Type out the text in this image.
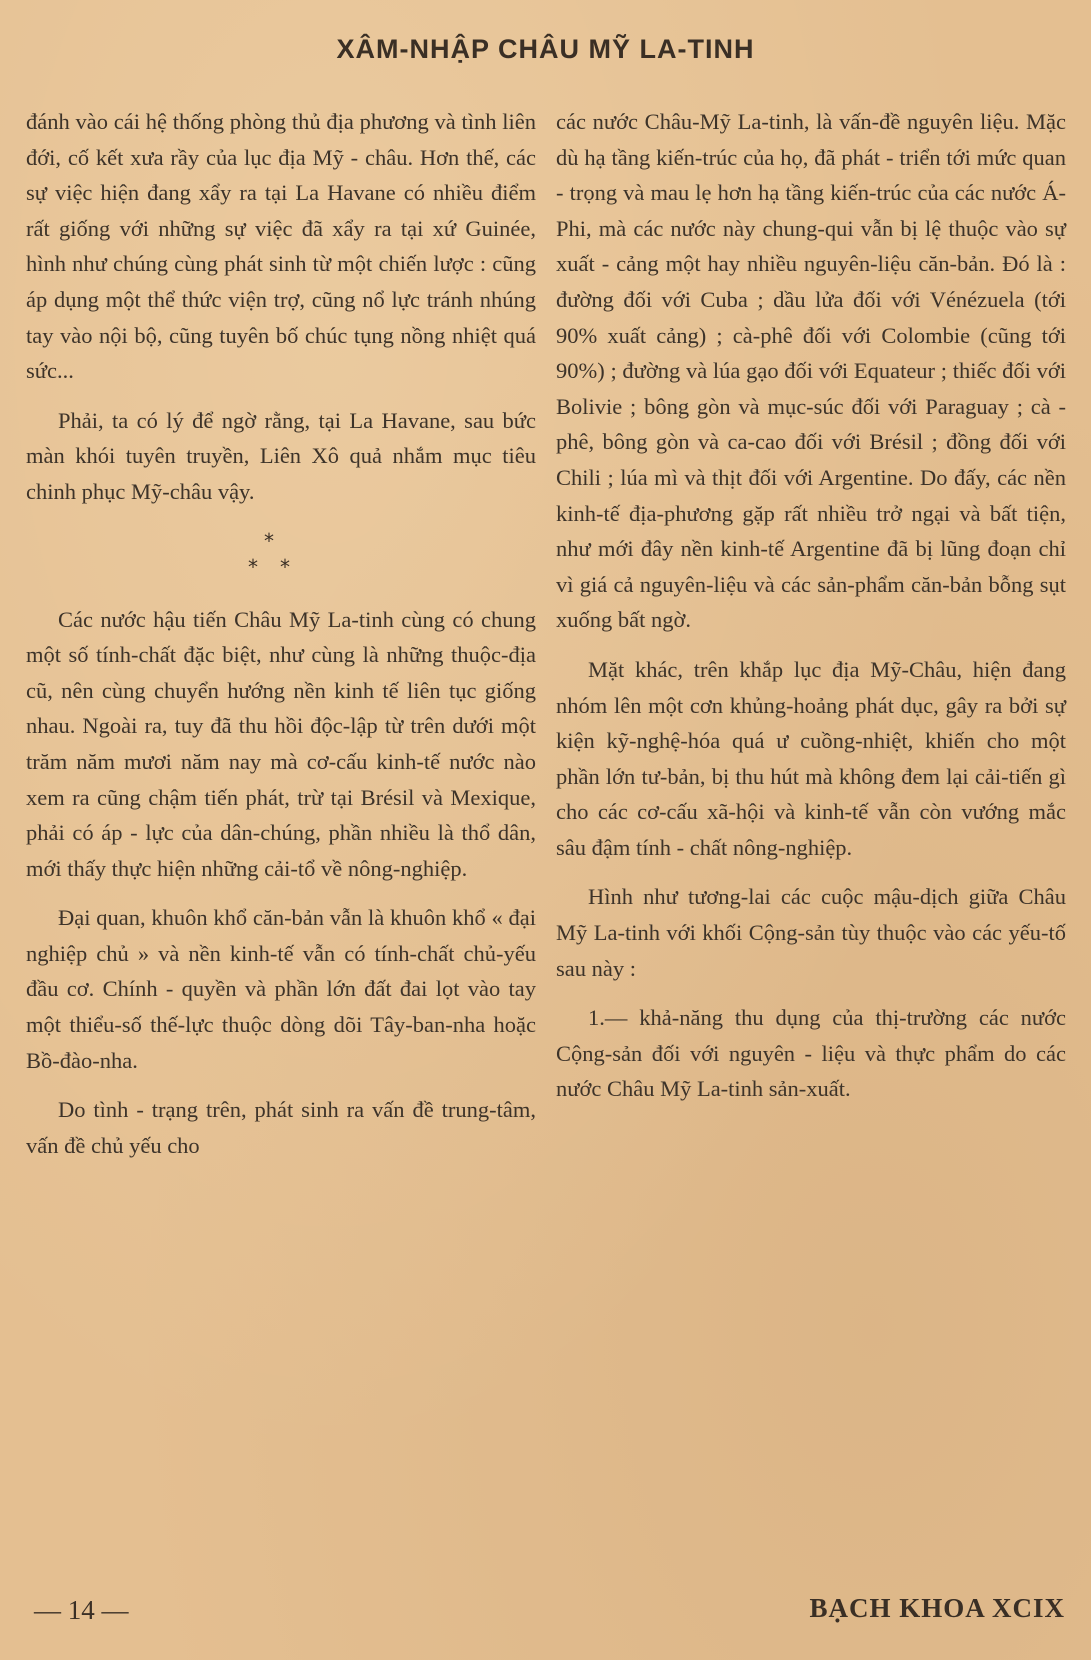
XÂM-NHẬP CHÂU MỸ LA-TINH

đánh vào cái hệ thống phòng thủ địa phương và tình liên đới, cố kết xưa rầy của lục địa Mỹ - châu. Hơn thế, các sự việc hiện đang xẩy ra tại La Havane có nhiều điểm rất giống với những sự việc đã xẩy ra tại xứ Guinée, hình như chúng cùng phát sinh từ một chiến lược : cũng áp dụng một thể thức viện trợ, cũng nổ lực tránh nhúng tay vào nội bộ, cũng tuyên bố chúc tụng nồng nhiệt quá sức...

Phải, ta có lý để ngờ rằng, tại La Havane, sau bức màn khói tuyên truyền, Liên Xô quả nhắm mục tiêu chinh phục Mỹ-châu vậy.

*
* *

Các nước hậu tiến Châu Mỹ La-tinh cùng có chung một số tính-chất đặc biệt, như cùng là những thuộc-địa cũ, nên cùng chuyển hướng nền kinh tế liên tục giống nhau. Ngoài ra, tuy đã thu hồi độc-lập từ trên dưới một trăm năm mươi năm nay mà cơ-cấu kinh-tế nước nào xem ra cũng chậm tiến phát, trừ tại Brésil và Mexique, phải có áp - lực của dân-chúng, phần nhiều là thổ dân, mới thấy thực hiện những cải-tổ về nông-nghiệp.

Đại quan, khuôn khổ căn-bản vẫn là khuôn khổ « đại nghiệp chủ » và nền kinh-tế vẫn có tính-chất chủ-yếu đầu cơ. Chính - quyền và phần lớn đất đai lọt vào tay một thiểu-số thế-lực thuộc dòng dõi Tây-ban-nha hoặc Bồ-đào-nha.

Do tình - trạng trên, phát sinh ra vấn đề trung-tâm, vấn đề chủ yếu cho

các nước Châu-Mỹ La-tinh, là vấn-đề nguyên liệu. Mặc dù hạ tầng kiến-trúc của họ, đã phát - triển tới mức quan - trọng và mau lẹ hơn hạ tầng kiến-trúc của các nước Á-Phi, mà các nước này chung-qui vẫn bị lệ thuộc vào sự xuất - cảng một hay nhiều nguyên-liệu căn-bản. Đó là : đường đối với Cuba ; dầu lửa đối với Vénézuela (tới 90% xuất cảng) ; cà-phê đối với Colombie (cũng tới 90%) ; đường và lúa gạo đối với Equateur ; thiếc đối với Bolivie ; bông gòn và mục-súc đối với Paraguay ; cà - phê, bông gòn và ca-cao đối với Brésil ; đồng đối với Chili ; lúa mì và thịt đối với Argentine. Do đấy, các nền kinh-tế địa-phương gặp rất nhiều trở ngại và bất tiện, như mới đây nền kinh-tế Argentine đã bị lũng đoạn chỉ vì giá cả nguyên-liệu và các sản-phẩm căn-bản bỗng sụt xuống bất ngờ.

Mặt khác, trên khắp lục địa Mỹ-Châu, hiện đang nhóm lên một cơn khủng-hoảng phát dục, gây ra bởi sự kiện kỹ-nghệ-hóa quá ư cuồng-nhiệt, khiến cho một phần lớn tư-bản, bị thu hút mà không đem lại cải-tiến gì cho các cơ-cấu xã-hội và kinh-tế vẫn còn vướng mắc sâu đậm tính - chất nông-nghiệp.

Hình như tương-lai các cuộc mậu-dịch giữa Châu Mỹ La-tinh với khối Cộng-sản tùy thuộc vào các yếu-tố sau này :

1.— khả-năng thu dụng của thị-trường các nước Cộng-sản đối với nguyên - liệu và thực phẩm do các nước Châu Mỹ La-tinh sản-xuất.

— 14 —	BẠCH KHOA XCIX
